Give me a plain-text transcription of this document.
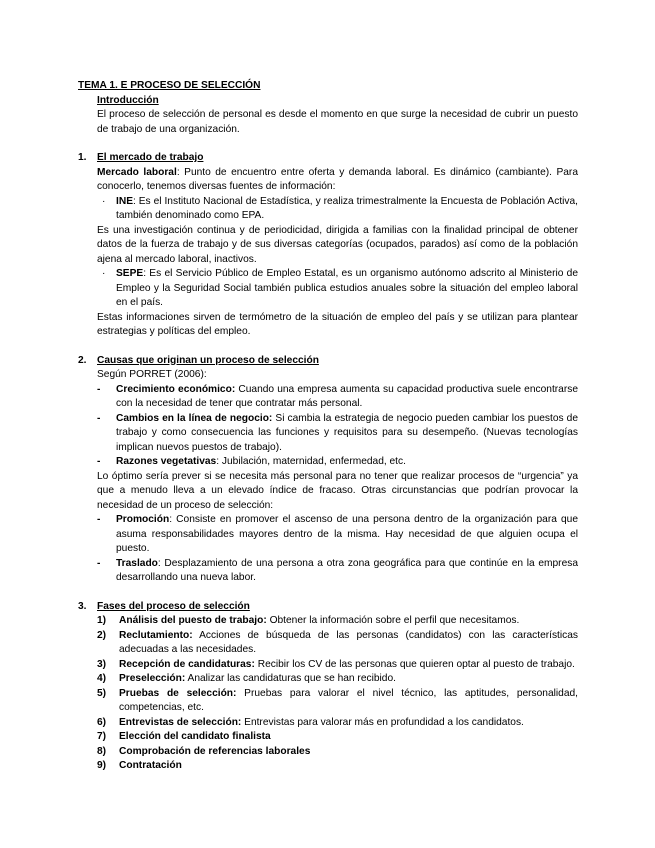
TEMA 1. E PROCESO DE SELECCIÓN
Introducción
El proceso de selección de personal es desde el momento en que surge la necesidad de cubrir un puesto de trabajo de una organización.
1.	El mercado de trabajo
Mercado laboral: Punto de encuentro entre oferta y demanda laboral. Es dinámico (cambiante). Para conocerlo, tenemos diversas fuentes de información:
·	INE: Es el Instituto Nacional de Estadística, y realiza trimestralmente la Encuesta de Población Activa, también denominado como EPA.
Es una investigación continua y de periodicidad, dirigida a familias con la finalidad principal de obtener datos de la fuerza de trabajo y de sus diversas categorías (ocupados, parados) así como de la población ajena al mercado laboral, inactivos.
·	SEPE: Es el Servicio Público de Empleo Estatal, es un organismo autónomo adscrito al Ministerio de Empleo y la Seguridad Social también publica estudios anuales sobre la situación del empleo laboral en el país.
Estas informaciones sirven de termómetro de la situación de empleo del país y se utilizan para plantear estrategias y políticas del empleo.
2.	Causas que originan un proceso de selección
Según PORRET (2006):
-	Crecimiento económico: Cuando una empresa aumenta su capacidad productiva suele encontrarse con la necesidad de tener que contratar más personal.
-	Cambios en la línea de negocio: Si cambia la estrategia de negocio pueden cambiar los puestos de trabajo y como consecuencia las funciones y requisitos para su desempeño. (Nuevas tecnologías implican nuevos puestos de trabajo).
-	Razones vegetativas: Jubilación, maternidad, enfermedad, etc.
Lo óptimo sería prever si se necesita más personal para no tener que realizar procesos de “urgencia” ya que a menudo lleva a un elevado índice de fracaso. Otras circunstancias que podrían provocar la necesidad de un proceso de selección:
-	Promoción: Consiste en promover el ascenso de una persona dentro de la organización para que asuma responsabilidades mayores dentro de la misma. Hay necesidad de que alguien ocupa el puesto.
-	Traslado: Desplazamiento de una persona a otra zona geográfica para que continúe en la empresa desarrollando una nueva labor.
3.	Fases del proceso de selección
1)	Análisis del puesto de trabajo: Obtener la información sobre el perfil que necesitamos.
2)	Reclutamiento: Acciones de búsqueda de las personas (candidatos) con las características adecuadas a las necesidades.
3)	Recepción de candidaturas: Recibir los CV de las personas que quieren optar al puesto de trabajo.
4)	Preselección: Analizar las candidaturas que se han recibido.
5)	Pruebas de selección: Pruebas para valorar el nivel técnico, las aptitudes, personalidad, competencias, etc.
6)	Entrevistas de selección: Entrevistas para valorar más en profundidad a los candidatos.
7)	Elección del candidato finalista
8)	Comprobación de referencias laborales
9)	Contratación
